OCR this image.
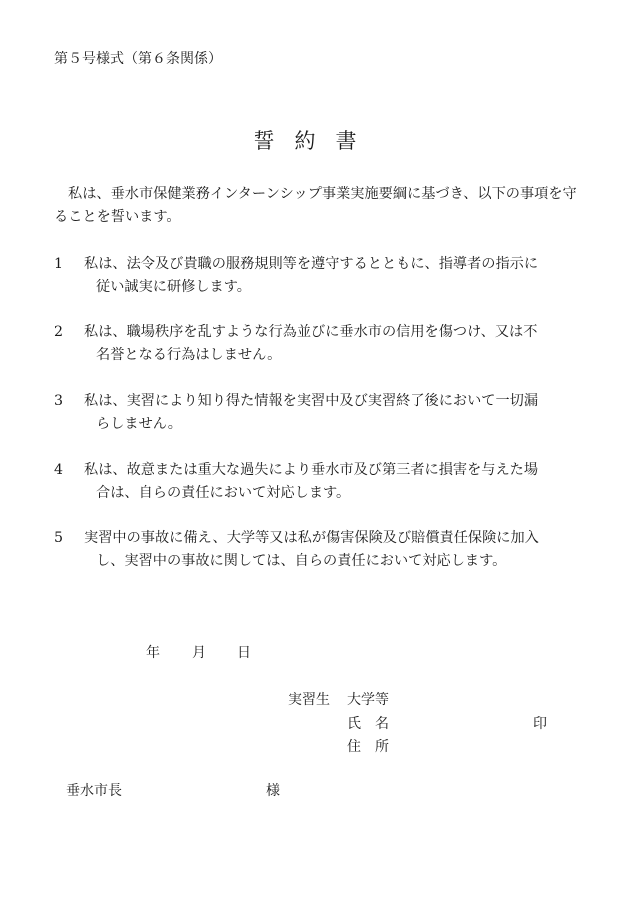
第５号様式（第６条関係）
誓約書
私は、垂水市保健業務インターンシップ事業実施要綱に基づき、以下の事項を守ることを誓います。
1	私は、法令及び貴職の服務規則等を遵守するとともに、指導者の指示に
従い誠実に研修します。
2	私は、職場秩序を乱すような行為並びに垂水市の信用を傷つけ、又は不
名誉となる行為はしません。
3	私は、実習により知り得た情報を実習中及び実習終了後において一切漏
らしません。
4	私は、故意または重大な過失により垂水市及び第三者に損害を与えた場
合は、自らの責任において対応します。
5	実習中の事故に備え、大学等又は私が傷害保険及び賠償責任保険に加入
し、実習中の事故に関しては、自らの責任において対応します。
年 月 日
実習生 大学等
氏名	印
住所
垂水市長	様
